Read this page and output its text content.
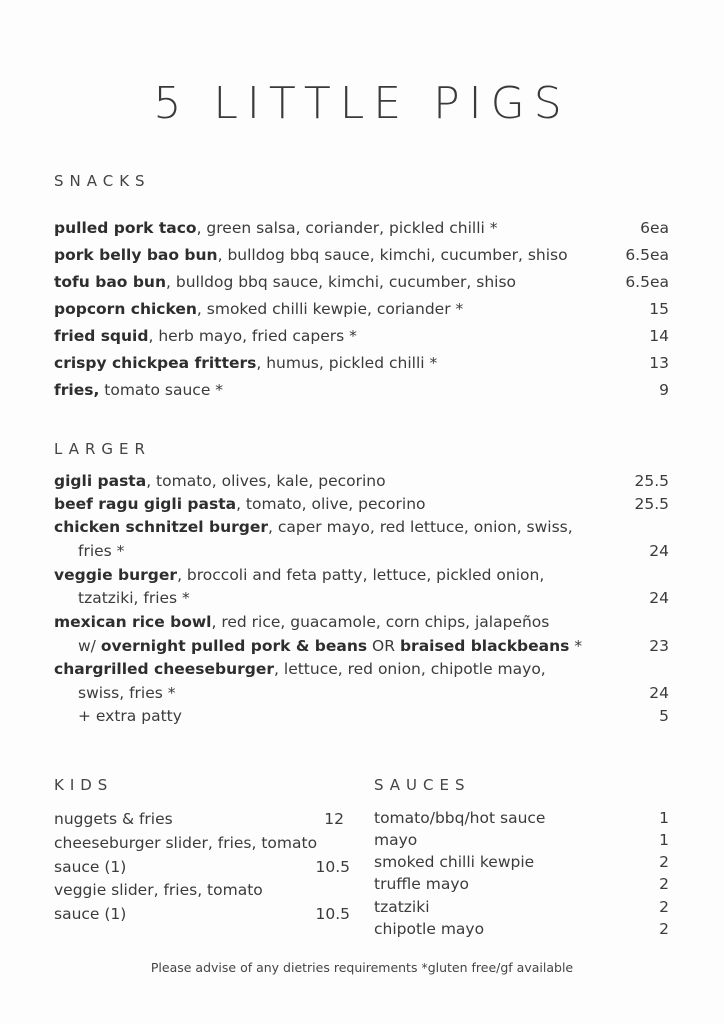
5 LITTLE PIGS
SNACKS
pulled pork taco, green salsa, coriander, pickled chilli *	6ea
pork belly bao bun, bulldog bbq sauce, kimchi, cucumber, shiso	6.5ea
tofu bao bun, bulldog bbq sauce, kimchi, cucumber, shiso	6.5ea
popcorn chicken, smoked chilli kewpie, coriander *	15
fried squid, herb mayo, fried capers *	14
crispy chickpea fritters, humus, pickled chilli *	13
fries, tomato sauce *	9
LARGER
gigli pasta, tomato, olives, kale, pecorino	25.5
beef ragu gigli pasta, tomato, olive, pecorino	25.5
chicken schnitzel burger, caper mayo, red lettuce, onion, swiss,
fries *	24
veggie burger, broccoli and feta patty, lettuce, pickled onion,
tzatziki, fries *	24
mexican rice bowl, red rice, guacamole, corn chips, jalapeños
w/ overnight pulled pork & beans OR braised blackbeans *	23
chargrilled cheeseburger, lettuce, red onion, chipotle mayo,
swiss, fries *	24
+ extra patty	5
KIDS
nuggets & fries	12
cheeseburger slider, fries, tomato
sauce (1)	10.5
veggie slider, fries, tomato
sauce (1)	10.5
SAUCES
tomato/bbq/hot sauce	1
mayo	1
smoked chilli kewpie	2
truffle mayo	2
tzatziki	2
chipotle mayo	2
Please advise of any dietries requirements *gluten free/gf available
